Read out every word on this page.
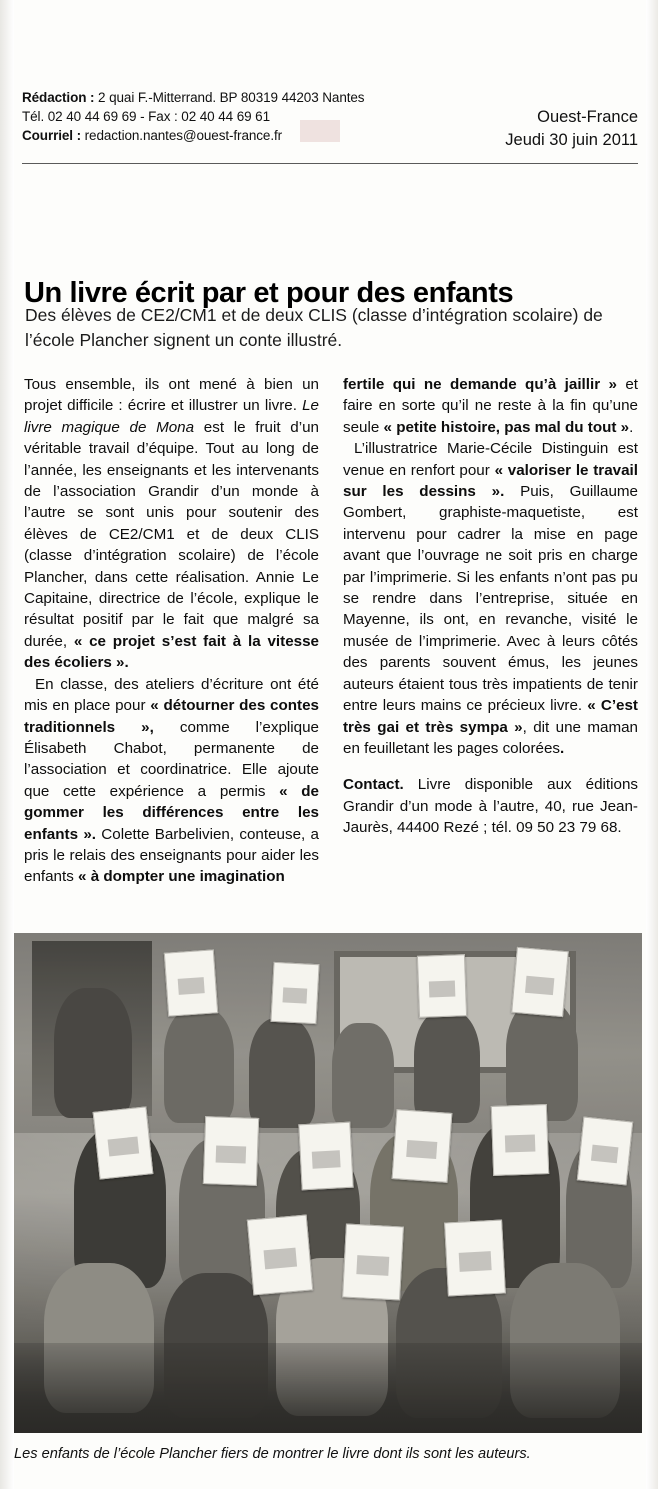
Rédaction : 2 quai F.-Mitterrand. BP 80319 44203 Nantes
Tél. 02 40 44 69 69 - Fax : 02 40 44 69 61
Courriel : redaction.nantes@ouest-france.fr
Ouest-France
Jeudi 30 juin 2011
Un livre écrit par et pour des enfants
Des élèves de CE2/CM1 et de deux CLIS (classe d’intégration scolaire) de l’école Plancher signent un conte illustré.

Tous ensemble, ils ont mené à bien un projet difficile : écrire et illustrer un livre. Le livre magique de Mona est le fruit d’un véritable travail d’équipe. Tout au long de l’année, les enseignants et les intervenants de l’association Grandir d’un monde à l’autre se sont unis pour soutenir des élèves de CE2/CM1 et de deux CLIS (classe d’intégration scolaire) de l’école Plancher, dans cette réalisation. Annie Le Capitaine, directrice de l’école, explique le résultat positif par le fait que malgré sa durée, « ce projet s’est fait à la vitesse des écoliers ».

En classe, des ateliers d’écriture ont été mis en place pour « détourner des contes traditionnels », comme l’explique Élisabeth Chabot, permanente de l’association et coordinatrice. Elle ajoute que cette expérience a permis « de gommer les différences entre les enfants ». Colette Barbelivien, conteuse, a pris le relais des enseignants pour aider les enfants « à dompter une imagination

fertile qui ne demande qu’à jaillir » et faire en sorte qu’il ne reste à la fin qu’une seule « petite histoire, pas mal du tout ».

L’illustratrice Marie-Cécile Distinguin est venue en renfort pour « valoriser le travail sur les dessins ». Puis, Guillaume Gombert, graphiste-maquetiste, est intervenu pour cadrer la mise en page avant que l’ouvrage ne soit pris en charge par l’imprimerie. Si les enfants n’ont pas pu se rendre dans l’entreprise, située en Mayenne, ils ont, en revanche, visité le musée de l’imprimerie. Avec à leurs côtés des parents souvent émus, les jeunes auteurs étaient tous très impatients de tenir entre leurs mains ce précieux livre. « C’est très gai et très sympa », dit une maman en feuilletant les pages colorées.

Contact. Livre disponible aux éditions Grandir d’un mode à l’autre, 40, rue Jean-Jaurès, 44400 Rezé ; tél. 09 50 23 79 68.

Les enfants de l’école Plancher fiers de montrer le livre dont ils sont les auteurs.
